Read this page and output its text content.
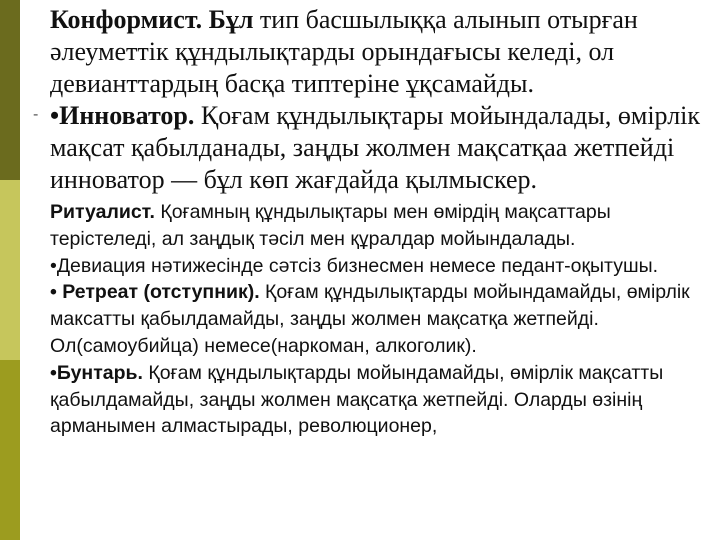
-

Конформист. Бұл тип басшылыққа алынып отырған әлеуметтік құндылықтарды орындағысы келеді, ол девианттардың басқа типтеріне ұқсамайды.

•Инноватор. Қоғам құндылықтары мойындалады, өмірлік мақсат қабылданады, заңды жолмен мақсатқаа жетпейді инноватор — бұл көп жағдайда қылмыскер.

Ритуалист. Қоғамның құндылықтары мен өмірдің мақсаттары терістеледі, ал заңдық тәсіл мен құралдар мойындалады.

•Девиация нәтижесінде сәтсіз бизнесмен немесе педант-оқытушы.

• Ретреат (отступник). Қоғам құндылықтарды мойындамайды, өмірлік максатты қабылдамайды, заңды жолмен мақсатқа жетпейді. Ол(самоубийца) немесе(наркоман, алкоголик).

•Бунтарь. Қоғам құндылықтарды мойындамайды, өмірлік мақсатты қабылдамайды, заңды жолмен мақсатқа жетпейді. Оларды өзінің арманымен алмастырады, революционер,
